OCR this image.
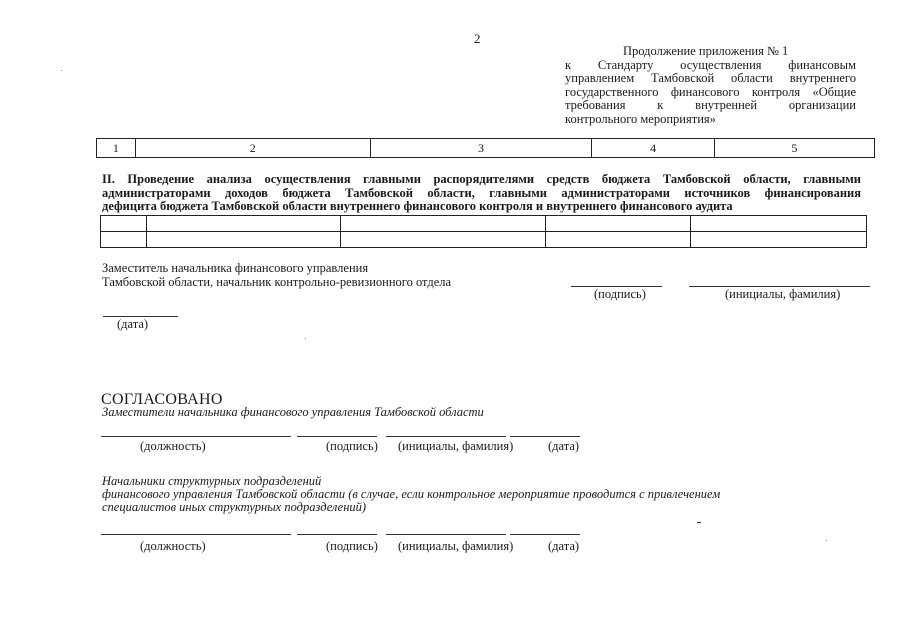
2
Продолжение приложения № 1
к Стандарту осуществления финансовым
управлением Тамбовской области внутреннего
государственного финансового контроля «Общие
требования к внутренней организации
контрольного мероприятия»
1	2	3	4	5
II. Проведение анализа осуществления главными распорядителями средств бюджета Тамбовской области, главными
администраторами доходов бюджета Тамбовской области, главными администраторами источников финансирования
дефицита бюджета Тамбовской области внутреннего финансового контроля и внутреннего финансового аудита

Заместитель начальника финансового управления
Тамбовской области, начальник контрольно-ревизионного отдела
(подпись)	(инициалы, фамилия)
(дата)
СОГЛАСОВАНО
Заместители начальника финансового управления Тамбовской области
(должность)	(подпись) (инициалы, фамилия)	(дата)
Начальники структурных подразделений
финансового управления Тамбовской области (в случае, если контрольное мероприятие проводится с привлечением
специалистов иных структурных подразделений)
(должность)	(подпись) (инициалы, фамилия)	(дата)
